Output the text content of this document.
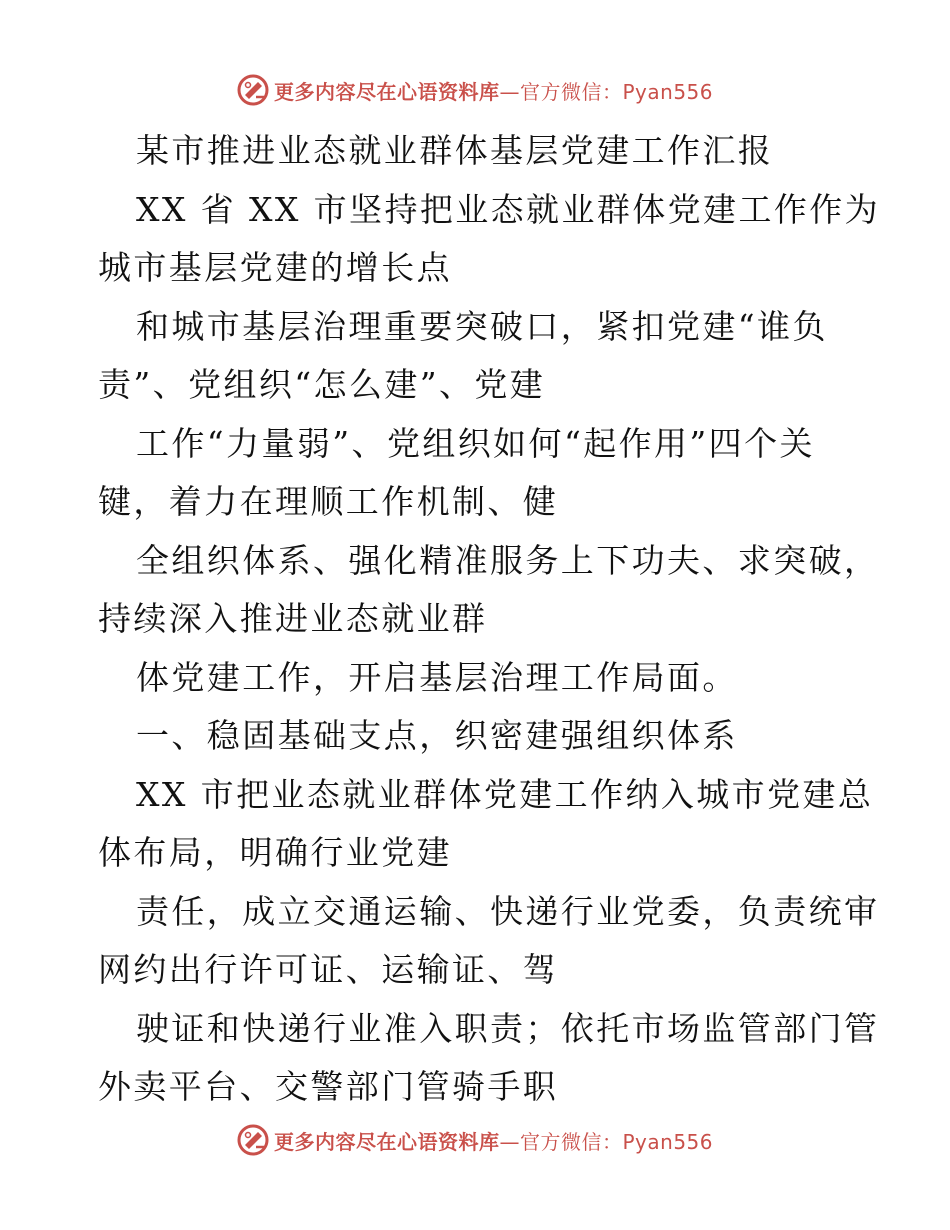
更多内容尽在心语资料库 —官方微信：Pyan556
某市推进业态就业群体基层党建工作汇报
XX 省 XX 市坚持把业态就业群体党建工作作为
城市基层党建的增长点
和城市基层治理重要突破口，紧扣党建“谁负
责”、党组织“怎么建”、党建
工作“力量弱”、党组织如何“起作用”四个关
键，着力在理顺工作机制、健
全组织体系、强化精准服务上下功夫、求突破，
持续深入推进业态就业群
体党建工作，开启基层治理工作局面。
一、稳固基础支点，织密建强组织体系
XX 市把业态就业群体党建工作纳入城市党建总
体布局，明确行业党建
责任，成立交通运输、快递行业党委，负责统审
网约出行许可证、运输证、驾
驶证和快递行业准入职责；依托市场监管部门管
外卖平台、交警部门管骑手职
更多内容尽在心语资料库 —官方微信：Pyan556
